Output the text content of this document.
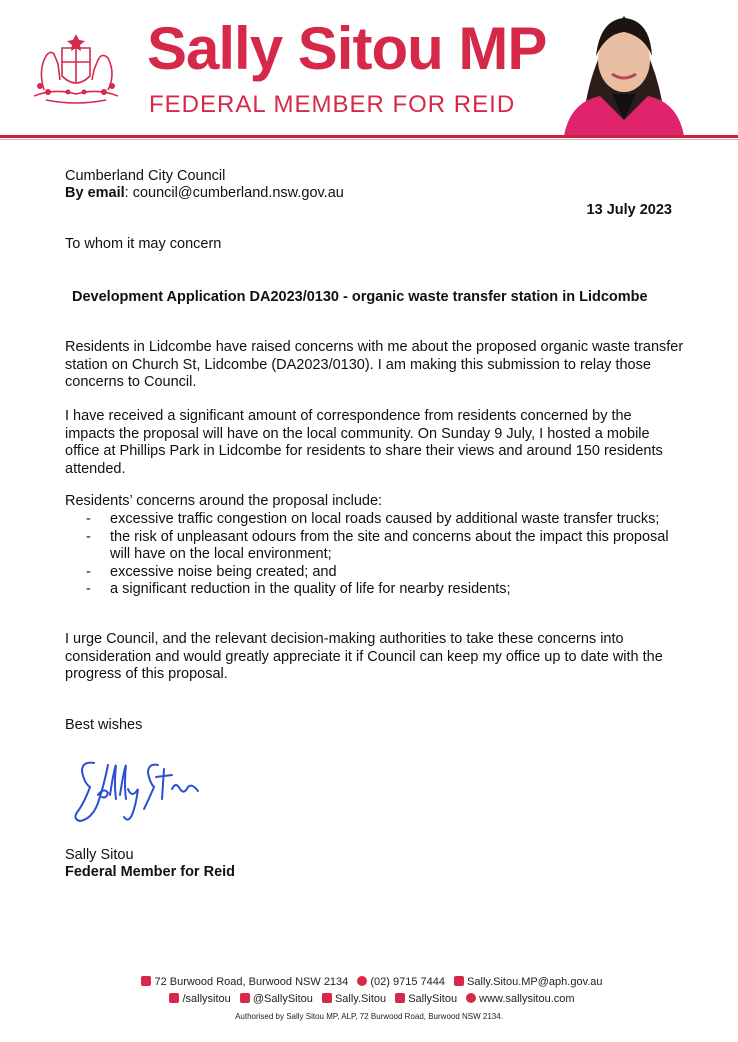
Sally Sitou MP
FEDERAL MEMBER FOR REID
Cumberland City Council
By email: council@cumberland.nsw.gov.au
13 July 2023
To whom it may concern
Development Application DA2023/0130 - organic waste transfer station in Lidcombe
Residents in Lidcombe have raised concerns with me about the proposed organic waste transfer station on Church St, Lidcombe (DA2023/0130). I am making this submission to relay those concerns to Council.
I have received a significant amount of correspondence from residents concerned by the impacts the proposal will have on the local community. On Sunday 9 July, I hosted a mobile office at Phillips Park in Lidcombe for residents to share their views and around 150 residents attended.
Residents’ concerns around the proposal include:
- excessive traffic congestion on local roads caused by additional waste transfer trucks;
- the risk of unpleasant odours from the site and concerns about the impact this proposal will have on the local environment;
- excessive noise being created; and
- a significant reduction in the quality of life for nearby residents;
I urge Council, and the relevant decision-making authorities to take these concerns into consideration and would greatly appreciate it if Council can keep my office up to date with the progress of this proposal.
Best wishes
Sally Sitou
Federal Member for Reid
72 Burwood Road, Burwood NSW 2134 (02) 9715 7444 Sally.Sitou.MP@aph.gov.au
/sallysitou @SallySitou Sally.Sitou SallySitou www.sallysitou.com
Authorised by Sally Sitou MP, ALP, 72 Burwood Road, Burwood NSW 2134.
